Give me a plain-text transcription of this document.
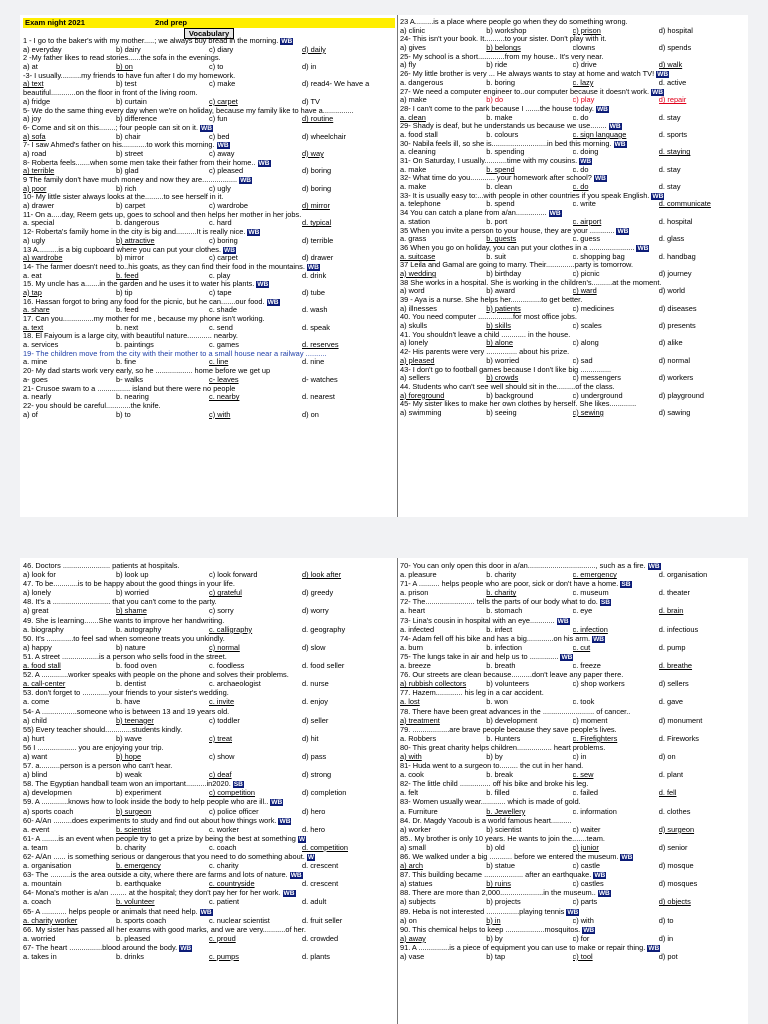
Exam night 2021	2nd prep
Vocabulary
1 - I go to the baker's with my mother.....; we always buy bread in the morning. WB
a) everyday	b) dairy	c) diary	d) daily
2 -My father likes to read stories......the sofa in the evenings.
a) at	b) on	c) to	d) in
-3- I usually..........my friends to have fun after I do my homework.
a) text	b) test	c) make	d) read4- We have a
beautiful............on the floor in front of the living room.
a) fridge	b) curtain	c) carpet	d) TV
5- We do the same thing every day when we're on holiday, because my family like to have a...............
a) joy	b) difference	c) fun	d) routine
6- Come and sit on this........; four people can sit on it. WB
a) sofa	b) chair	c) bed	d) wheelchair
7- I saw Ahmed's father on his............to work this morning. WB
a) road	b) street	c) away	d) way
8- Roberta feels.......when some men take their father from their home.. WB
a) terrible	b) glad	c) pleased	d) boring
9 The family don't have much money and now they are................. WB
a) poor	b) rich	c) ugly	d) boring
10- My little sister always looks at the.........to see herself in it.
a) drawer	b) carpet	c) wardrobe	d) mirror
11- On a.....day, Reem gets up, goes to school and then helps her mother in her jobs.
a. special	b. dangerous	c. hard	d. typical
12- Roberta's family home in the city is big and..........It is really nice. WB
a) ugly	b) attractive	c) boring	d) terrible
13 A..........is a big cupboard where you can put your clothes. WB
a) wardrobe	b) mirror	c) carpet	d) drawer
14- The farmer doesn't need to..his goats, as they can find their food in the mountains. WB
a. eat	b. feed	c. play	d. drink
15. My uncle has a.......in the garden and he uses it to water his plants. WB
a) tap	b) tip	c) tape	d) tube
16. Hassan forgot to bring any food for the picnic, but he can.......our food. WB
a. share	b. feed	c. shade	d. wash
17. Can you...............my mother for me , because my phone isn't working.
a. text	b. next	c. send	d. speak
18. El Faiyoum is a large city, with beautiful nature............ nearby.
a. services	b. paintings	c. games	d. reserves
19- The children move from the city with their mother to a small house near a railway ..........
a. mine	b. fine	c. line	d. nine
20- My dad starts work very early, so he .................. home before we get up
a- goes	b- walks	c- leaves	d- watches
21- Crusoe swam to a ................ island but there were no people
a. nearly	b. nearing	c. nearby	d. nearest
22- you should be careful............the knife.
a) of	b) to	c) with	d) on
23 A.........is a place where people go when they do something wrong.
a) clinic	b) workshop	c) prison	d) hospital
24- This isn't your book. It..........to your sister. Don't play with it.
a) gives	b) belongs	clowns	d) spends
25- My school is a short.............from my house.. It's very near.
a) fly	b) ride	c) drive	d) walk
26- My little brother is very ... He always wants to stay at home and watch TV! WB
a. dangerous	b. boring	c. lazy	d. active
27- We need a computer engineer to..our computer because it doesn't work. WB
a) make	b) do	c) play	d) repair
28- I can't come to the park because I .......the house today. WB
a. clean	b. make	c. do	d. stay
29- Shady is deaf, but he understands us because we use........ WB
a. food stall	b. colours	c. sign language	d. sports
30- Nabila feels ill, so she is...........................in bed this morning. WB
a. cleaning	b. spending	c. doing	d. staying
31- On Saturday, I usually...........time with my cousins. WB
a. make	b. spend	c. do	d. stay
32- What time do you............ your homework after school? WB
a. make	b. clean	c. do	d. stay
33- It is usually easy to:...with people in other countries if you speak English. WB
a. telephone	b. spend	c. write	d. communicate
34 You can catch a plane from a/an............... WB
a. station	b. port	c. airport	d. hospital
35 When you invite a person to your house, they are your ............ WB
a. grass	b. guests	c. guess	d. glass
36 When you go on holiday, you can put your clothes in a ...................... WB
a. suitcase	b. suit	c. shopping bag	d. handbag
37 Leila and Gamal are going to marry. Their..............party is tomorrow.
a) wedding	b) birthday	c) picnic	d) journey
38 She works in a hospital. She is working in the children's..........at the moment.
a) word	b) award	c) ward	d) world
39 - Aya is a nurse. She helps her...............to get better.
a) illnesses	b) patients	c) medicines	d) diseases
40. You need computer .................for most office jobs.
a) skulls	b) skills	c) scales	d) presents
41. You shouldn't leave a child ............ in the house.
a) lonely	b) alone	c) along	d) alike
42- His parents were very ............... about his prize.
a) pleased	b) worried	c) sad	d) normal
43- I don't go to football games because I don't like big ...............
a) sellers	b) crowds	c) messengers	d) workers
44. Students who can't see well should sit in the.........of the class.
a) foreground	b) background	c) underground	d) playground
45- My sister likes to make her own clothes by herself. She likes.............
a) swimming	b) seeing	c) sewing	d) sawing
46. Doctors ....................... patients at hospitals.
a) look for	b) look up	c) look forward	d) look after
47. To be............is to be happy about the good things in your life.
a) lonely	b) worried	c) grateful	d) greedy
48. It's a ............................ that you can't come to the party.
a) great	b) shame	c) sorry	d) worry
49. She is learning.......She wants to improve her handwriting.
a. biography	b. autography	c. calligraphy	d. geography
50. It's .............to feel sad when someone treats you unkindly.
a) happy	b) nature	c) normal	d) slow
51. A street ..................is a person who sells food in the street.
a. food stall	b. food oven	c. foodless	d. food seller
52. A .............worker speaks with people on the phone and solves their problems.
a. call-center	b. dentist	c. archaeologist	d. nurse
53. don't forget to .............your friends to your sister's wedding.
a. come	b. have	c. invite	d. enjoy
54- A .................someone who is between 13 and 19 years old.
a) child	b) teenager	c) toddler	d) seller
55) Every teacher should.............students kindly.
a) hurt	b) wave	c) treat	d) hit
56 I ................... you are enjoying your trip.
a) want	b) hope	c) show	d) pass
57. a..........person is a person who can't hear.
a) blind	b) weak	c) deaf	d) strong
58. The Egyptian handball team won an important..........in2020. SB
a) developmen	b) experiment	c) competition	d) completion
59. A .............knows how to look inside the body to help people who are ill.. WB
a) sports coach	b) surgeon	c) police officer	d) hero
60- A/An .........does experiments to study and find out about how things work. WB
a. event	b. scientist	c. worker	d. hero
61- A ........is an event when people try to get a prize by being the best at something W
a. team	b. charity	c. coach	d. competition
62- A/An ...... is something serious or dangerous that you need to do something about. W
a. organisation	b. emergency	c. charity	d. crescent
63- The ..........is the area outside a city, where there are farms and lots of nature. WB
a. mountain	b. earthquake	c. countryside	d. crescent
64- Mona's mother is a/an ........ at the hospital; they don't pay her for her work. WB
a. coach	b. volunteer	c. patient	d. adult
65- A ............ helps people or animals that need help. WB
a. charity worker	b. sports coach	c. nuclear scientist	d. fruit seller
66. My sister has passed all her exams with good marks, and we are very...........of her.
a. worried	b. pleased	c. proud	d. crowded
67- The heart ................blood around the body. WB
a. takes in	b. drinks	c. pumps	d. plants
70- You can only open this door in a/an................................., such as a fire. WB
a. pleasure	b. charity	c. emergency	d. organisation
71- A .......... helps people who are poor, sick or don't have a home. SB
a. prison	b. charity	c. museum	d. theater
72- The........................ tells the parts of our body what to do. SB
a. heart	b. stomach	c. eye	d. brain
73- Lina's cousin in hospital with an eye............ WB
a. infected	b. infect	c. infection	d. infectious
74- Adam fell off his bike and has a big.............on his arm. WB
a. burn	b. infection	c. cut	d. pump
75- The lungs take in air and help us to .............. WB
a. breeze	b. breath	c. freeze	d. breathe
76. Our streets are clean because..........don't leave any paper there.
a) rubbish collectors	b) volunteers	c) shop workers	d) sellers
77. Hazem............. his leg in a car accident.
a. lost	b. won	c. took	d. gave
78. There have been great advances in the ......................... of cancer..
a) treatment	b) development	c) moment	d) monument
79. ..................are brave people because they save people's lives.
a. Robbers	b. Hunters	c. Firefighters	d. Fireworks
80- This great charity helps children................. heart problems.
a) with	b) by	c) in	d) on
81- Huda went to a surgeon to......... the cut in her hand.
a. cook	b. break	c. sew	d. plant
82- The little child ............... off his bike and broke his leg.
a. felt	b. filled	c. failed	d. fell
83- Women usually wear............ which is made of gold.
a. Furniture	b. Jewellery	c. information	d. clothes
84. Dr. Magdy Yacoub is a world famous heart..........
a) worker	b) scientist	c) waiter	d) surgeon
85.. My brother is only 10 years. He wants to join the.......team.
a) small	b) old	c) junior	d) senior
86. We walked under a big ........... before we entered the museum. WB
a) arch	b) statue	c) castle	d) mosque
87. This building became ................... after an earthquake. WB
a) statues	b) ruins	c) castles	d) mosques
88. There are more than 2,000.....................in the museum.. WB
a) subjects	b) projects	c) parts	d) objects
89. Heba is not interested ................playing tennis WB
a) on	b) in	c) with	d) to
90. This chemical helps to keep ...................mosquitos. WB
a) away	b) by	c) for	d) in
91. A ...............is a piece of equipment you can use to make or repair thing. WB
a) vase	b) tap	c) tool	d) pot
